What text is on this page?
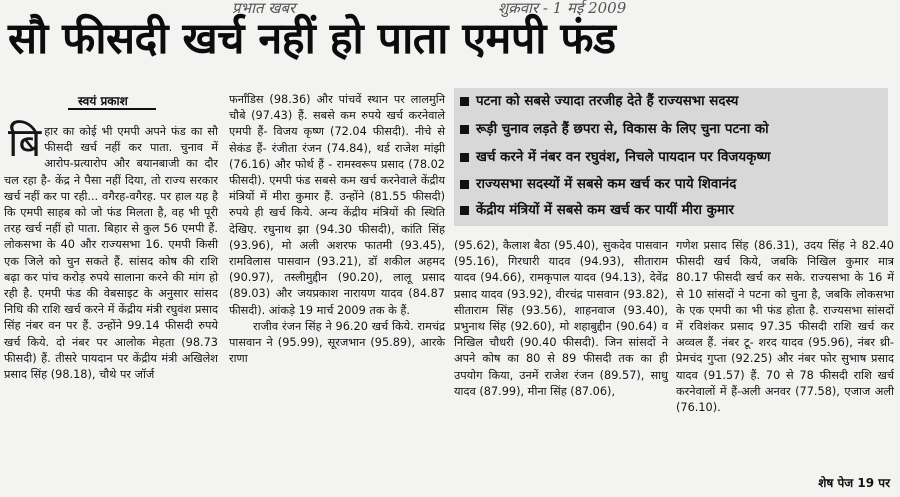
प्रभात खबर	शुक्रवार - 1 मई 2009
सौ फीसदी खर्च नहीं हो पाता एमपी फंड
स्वयं प्रकाश
बि हार का कोई भी एमपी अपने फंड का सौ फीसदी खर्च नहीं कर पाता. चुनाव में आरोप-प्रत्यारोप और बयानबाजी का दौर चल रहा है- केंद्र ने पैसा नहीं दिया, तो राज्य सरकार खर्च नहीं कर पा रही... वगैरह-वगैरह. पर हाल यह है कि एमपी साहब को जो फंड मिलता है, वह भी पूरी तरह खर्च नहीं हो पाता. बिहार से कुल 56 एमपी हैं. लोकसभा के 40 और राज्यसभा 16. एमपी किसी एक जिले को चुन सकते हैं. सांसद कोष की राशि बढ़ा कर पांच करोड़ रुपये सालाना करने की मांग हो रही है. एमपी फंड की वेबसाइट के अनुसार सांसद निधि की राशि खर्च करने में केंद्रीय मंत्री रघुवंश प्रसाद सिंह नंबर वन पर हैं. उन्होंने 99.14 फीसदी रुपये खर्च किये. दो नंबर पर आलोक मेहता (98.73 फीसदी) हैं. तीसरे पायदान पर केंद्रीय मंत्री अखिलेश प्रसाद सिंह (98.18), चौथे पर जॉर्ज

फर्नांडिस (98.36) और पांचवें स्थान पर लालमुनि चौबे (97.43) हैं. सबसे कम रुपये खर्च करनेवाले एमपी हैं- विजय कृष्ण (72.04 फीसदी). नीचे से सेकंड हैं- रंजीता रंजन (74.84), थर्ड राजेश मांझी (76.16) और फोर्थ हैं - रामस्वरूप प्रसाद (78.02 फीसदी). एमपी फंड सबसे कम खर्च करनेवाले केंद्रीय मंत्रियों में मीरा कुमार हैं. उन्होंने (81.55 फीसदी) रुपये ही खर्च किये. अन्य केंद्रीय मंत्रियों की स्थिति देखिए. रघुनाथ झा (94.30 फीसदी), कांति सिंह (93.96), मो अली अशरफ फातमी (93.45), रामविलास पासवान (93.21), डॉ शकील अहमद (90.97), तस्लीमुद्दीन (90.20), लालू प्रसाद (89.03) और जयप्रकाश नारायण यादव (84.87 फीसदी). आंकड़े 19 मार्च 2009 तक के हैं.

राजीव रंजन सिंह ने 96.20 खर्च किये. रामचंद्र पासवान ने (95.99), सूरजभान (95.89), आरके राणा

पटना को सबसे ज्यादा तरजीह देते हैं राज्यसभा सदस्य
रूड़ी चुनाव लड़ते हैं छपरा से, विकास के लिए चुना पटना को
खर्च करने में नंबर वन रघुवंश, निचले पायदान पर विजयकृष्ण
राज्यसभा सदस्यों में सबसे कम खर्च कर पाये शिवानंद
केंद्रीय मंत्रियों में सबसे कम खर्च कर पायीं मीरा कुमार

(95.62), कैलाश बैठा (95.40), सुकदेव पासवान (95.16), गिरधारी यादव (94.93), सीताराम यादव (94.66), रामकृपाल यादव (94.13), देवेंद्र प्रसाद यादव (93.92), वीरचंद्र पासवान (93.82), सीताराम सिंह (93.56), शाहनवाज (93.40), प्रभुनाथ सिंह (92.60), मो शहाबुद्दीन (90.64) व निखिल चौधरी (90.40 फीसदी). जिन सांसदों ने अपने कोष का 80 से 89 फीसदी तक का ही उपयोग किया, उनमें राजेश रंजन (89.57), साधु यादव (87.99), मीना सिंह (87.06),

गणेश प्रसाद सिंह (86.31), उदय सिंह ने 82.40 फीसदी खर्च किये, जबकि निखिल कुमार मात्र 80.17 फीसदी खर्च कर सके. राज्यसभा के 16 में से 10 सांसदों ने पटना को चुना है, जबकि लोकसभा के एक एमपी का भी फंड होता है. राज्यसभा सांसदों में रविशंकर प्रसाद 97.35 फीसदी राशि खर्च कर अव्वल हैं. नंबर टू- शरद यादव (95.96), नंबर थ्री-प्रेमचंद गुप्ता (92.25) और नंबर फोर सुभाष प्रसाद यादव (91.57) हैं. 70 से 78 फीसदी राशि खर्च करनेवालों में हैं-अली अनवर (77.58), एजाज अली (76.10).

शेष पेज 19 पर
